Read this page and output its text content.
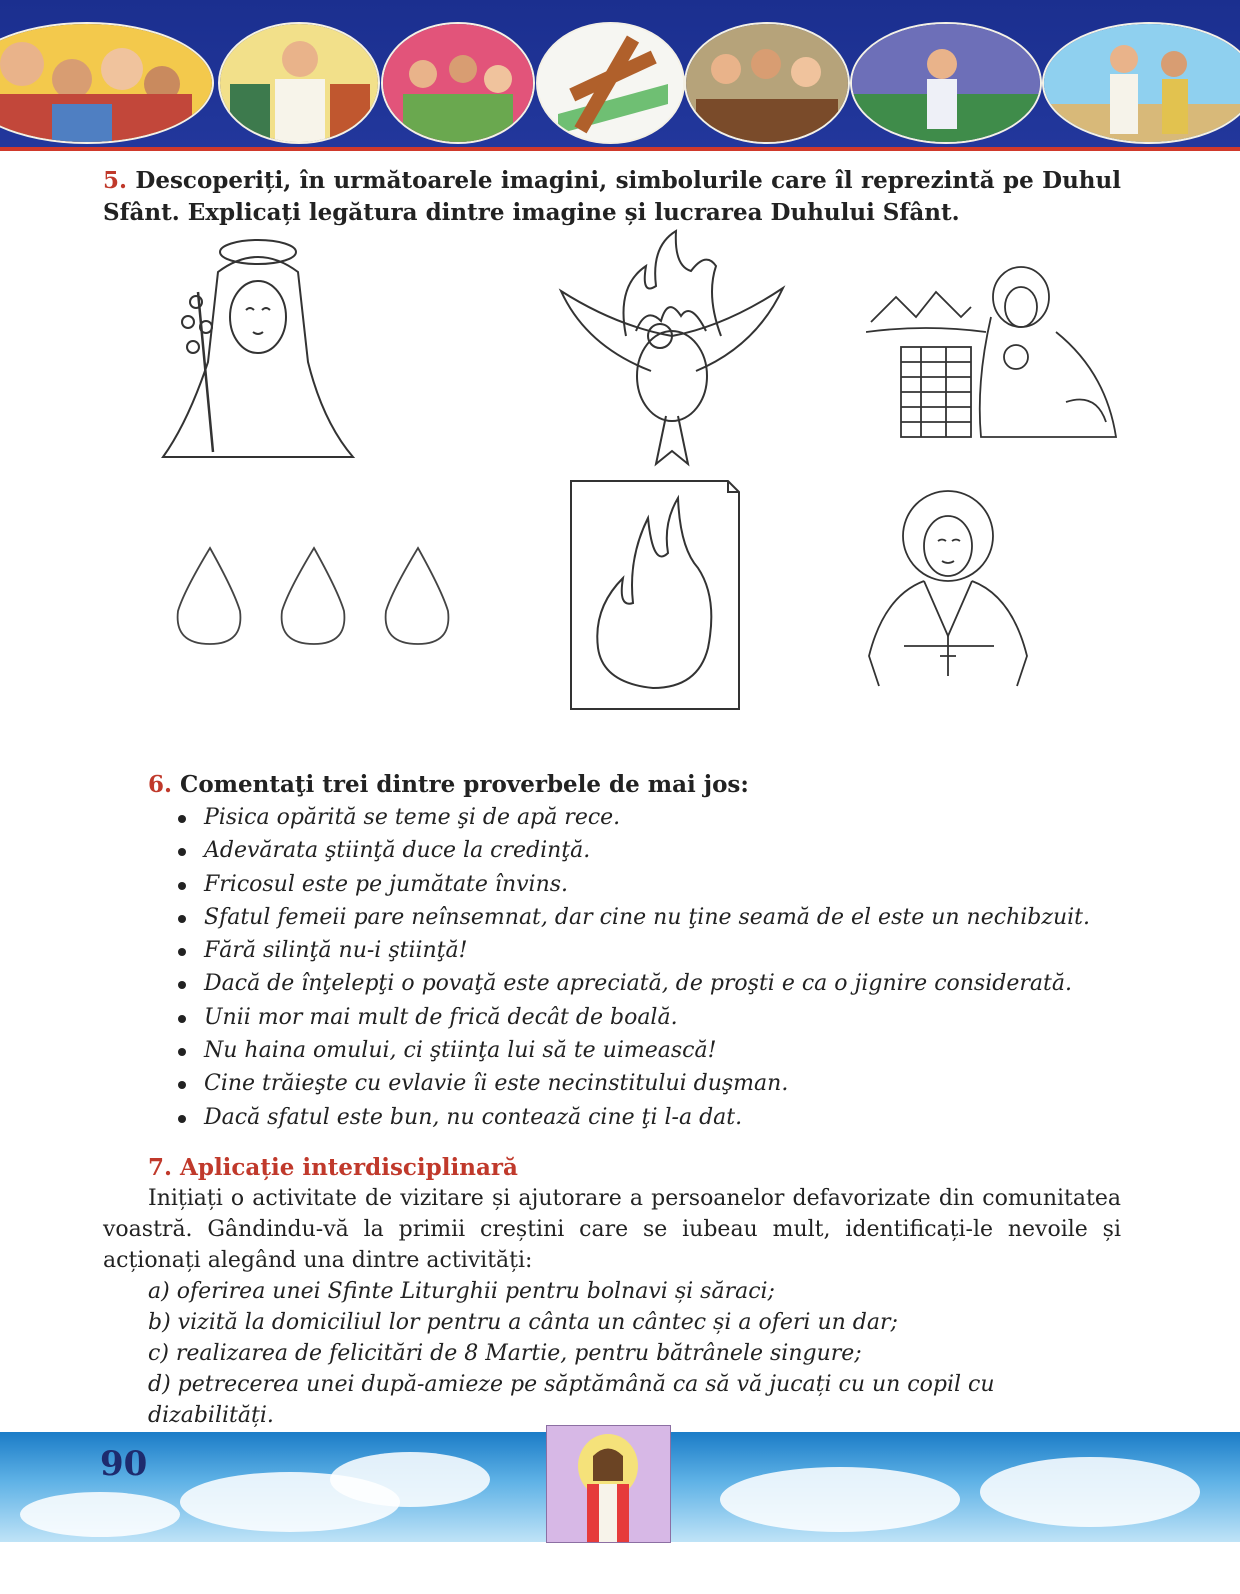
5. Descoperiți, în următoarele imagini, simbolurile care îl reprezintă pe Duhul Sfânt. Explicați legătura dintre imagine și lucrarea Duhului Sfânt.
6. Comentaţi trei dintre proverbele de mai jos:
Pisica opărită se teme şi de apă rece.
Adevărata ştiinţă duce la credinţă.
Fricosul este pe jumătate învins.
Sfatul femeii pare neînsemnat, dar cine nu ţine seamă de el este un nechibzuit.
Fără silinţă nu-i ştiinţă!
Dacă de înţelepţi o povaţă este apreciată, de proşti e ca o jignire considerată.
Unii mor mai mult de frică decât de boală.
Nu haina omului, ci ştiinţa lui să te uimească!
Cine trăieşte cu evlavie îi este necinstitului duşman.
Dacă sfatul este bun, nu contează cine ţi l-a dat.
7. Aplicație interdisciplinară

Inițiați o activitate de vizitare și ajutorare a persoanelor defavorizate din comunitatea voastră. Gândindu-vă la primii creștini care se iubeau mult, identificați-le nevoile și acționați alegând una dintre activități:

a) oferirea unei Sfinte Liturghii pentru bolnavi și săraci;
b) vizită la domiciliul lor pentru a cânta un cântec și a oferi un dar;
c) realizarea de felicitări de 8 Martie, pentru bătrânele singure;
d) petrecerea unei după-amieze pe săptămână ca să vă jucați cu un copil cu dizabilități.
90
